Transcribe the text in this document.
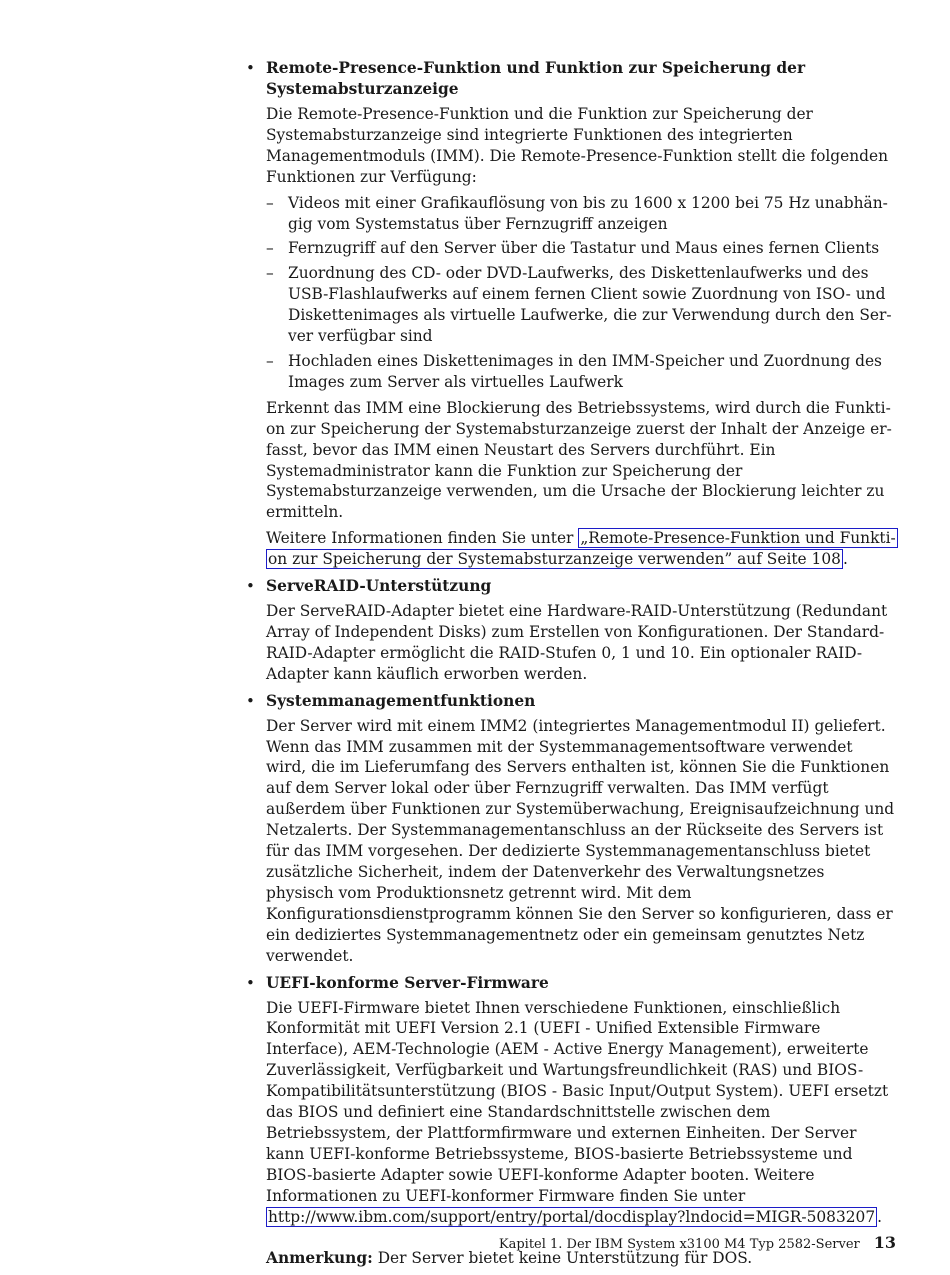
• Remote-Presence-Funktion und Funktion zur Speicherung der Systemabsturzanzeige

Die Remote-Presence-Funktion und die Funktion zur Speicherung der Systemabsturzanzeige sind integrierte Funktionen des integrierten Managementmoduls (IMM). Die Remote-Presence-Funktion stellt die folgenden Funktionen zur Verfügung:

– Videos mit einer Grafikauflösung von bis zu 1600 x 1200 bei 75 Hz unabhängig vom Systemstatus über Fernzugriff anzeigen
– Fernzugriff auf den Server über die Tastatur und Maus eines fernen Clients
– Zuordnung des CD- oder DVD-Laufwerks, des Diskettenlaufwerks und des USB-Flashlaufwerks auf einem fernen Client sowie Zuordnung von ISO- und Diskettenimages als virtuelle Laufwerke, die zur Verwendung durch den Server verfügbar sind
– Hochladen eines Diskettenimages in den IMM-Speicher und Zuordnung des Images zum Server als virtuelles Laufwerk

Erkennt das IMM eine Blockierung des Betriebssystems, wird durch die Funktion zur Speicherung der Systemabsturzanzeige zuerst der Inhalt der Anzeige erfasst, bevor das IMM einen Neustart des Servers durchführt. Ein Systemadministrator kann die Funktion zur Speicherung der Systemabsturzanzeige verwenden, um die Ursache der Blockierung leichter zu ermitteln.

Weitere Informationen finden Sie unter „Remote-Presence-Funktion und Funktion zur Speicherung der Systemabsturzanzeige verwenden” auf Seite 108 .

• ServeRAID-Unterstützung

Der ServeRAID-Adapter bietet eine Hardware-RAID-Unterstützung (Redundant Array of Independent Disks) zum Erstellen von Konfigurationen. Der Standard-RAID-Adapter ermöglicht die RAID-Stufen 0, 1 und 10. Ein optionaler RAID-Adapter kann käuflich erworben werden.

• Systemmanagementfunktionen

Der Server wird mit einem IMM2 (integriertes Managementmodul II) geliefert. Wenn das IMM zusammen mit der Systemmanagementsoftware verwendet wird, die im Lieferumfang des Servers enthalten ist, können Sie die Funktionen auf dem Server lokal oder über Fernzugriff verwalten. Das IMM verfügt außerdem über Funktionen zur Systemüberwachung, Ereignisaufzeichnung und Netzalerts. Der Systemmanagementanschluss an der Rückseite des Servers ist für das IMM vorgesehen. Der dedizierte Systemmanagementanschluss bietet zusätzliche Sicherheit, indem der Datenverkehr des Verwaltungsnetzes physisch vom Produktionsnetz getrennt wird. Mit dem Konfigurationsdienstprogramm können Sie den Server so konfigurieren, dass er ein dediziertes Systemmanagementnetz oder ein gemeinsam genutztes Netz verwendet.

• UEFI-konforme Server-Firmware

Die UEFI-Firmware bietet Ihnen verschiedene Funktionen, einschließlich Konformität mit UEFI Version 2.1 (UEFI - Unified Extensible Firmware Interface), AEM-Technologie (AEM - Active Energy Management), erweiterte Zuverlässigkeit, Verfügbarkeit und Wartungsfreundlichkeit (RAS) und BIOS-Kompatibilitätsunterstützung (BIOS - Basic Input/Output System). UEFI ersetzt das BIOS und definiert eine Standardschnittstelle zwischen dem Betriebssystem, der Plattformfirmware und externen Einheiten. Der Server kann UEFI-konforme Betriebssysteme, BIOS-basierte Betriebssysteme und BIOS-basierte Adapter sowie UEFI-konforme Adapter booten. Weitere Informationen zu UEFI-konformer Firmware finden Sie unter http://www.ibm.com/support/entry/portal/docdisplay?lndocid=MIGR-5083207 .

Anmerkung: Der Server bietet keine Unterstützung für DOS.
Kapitel 1. Der IBM System x3100 M4 Typ 2582-Server 13
